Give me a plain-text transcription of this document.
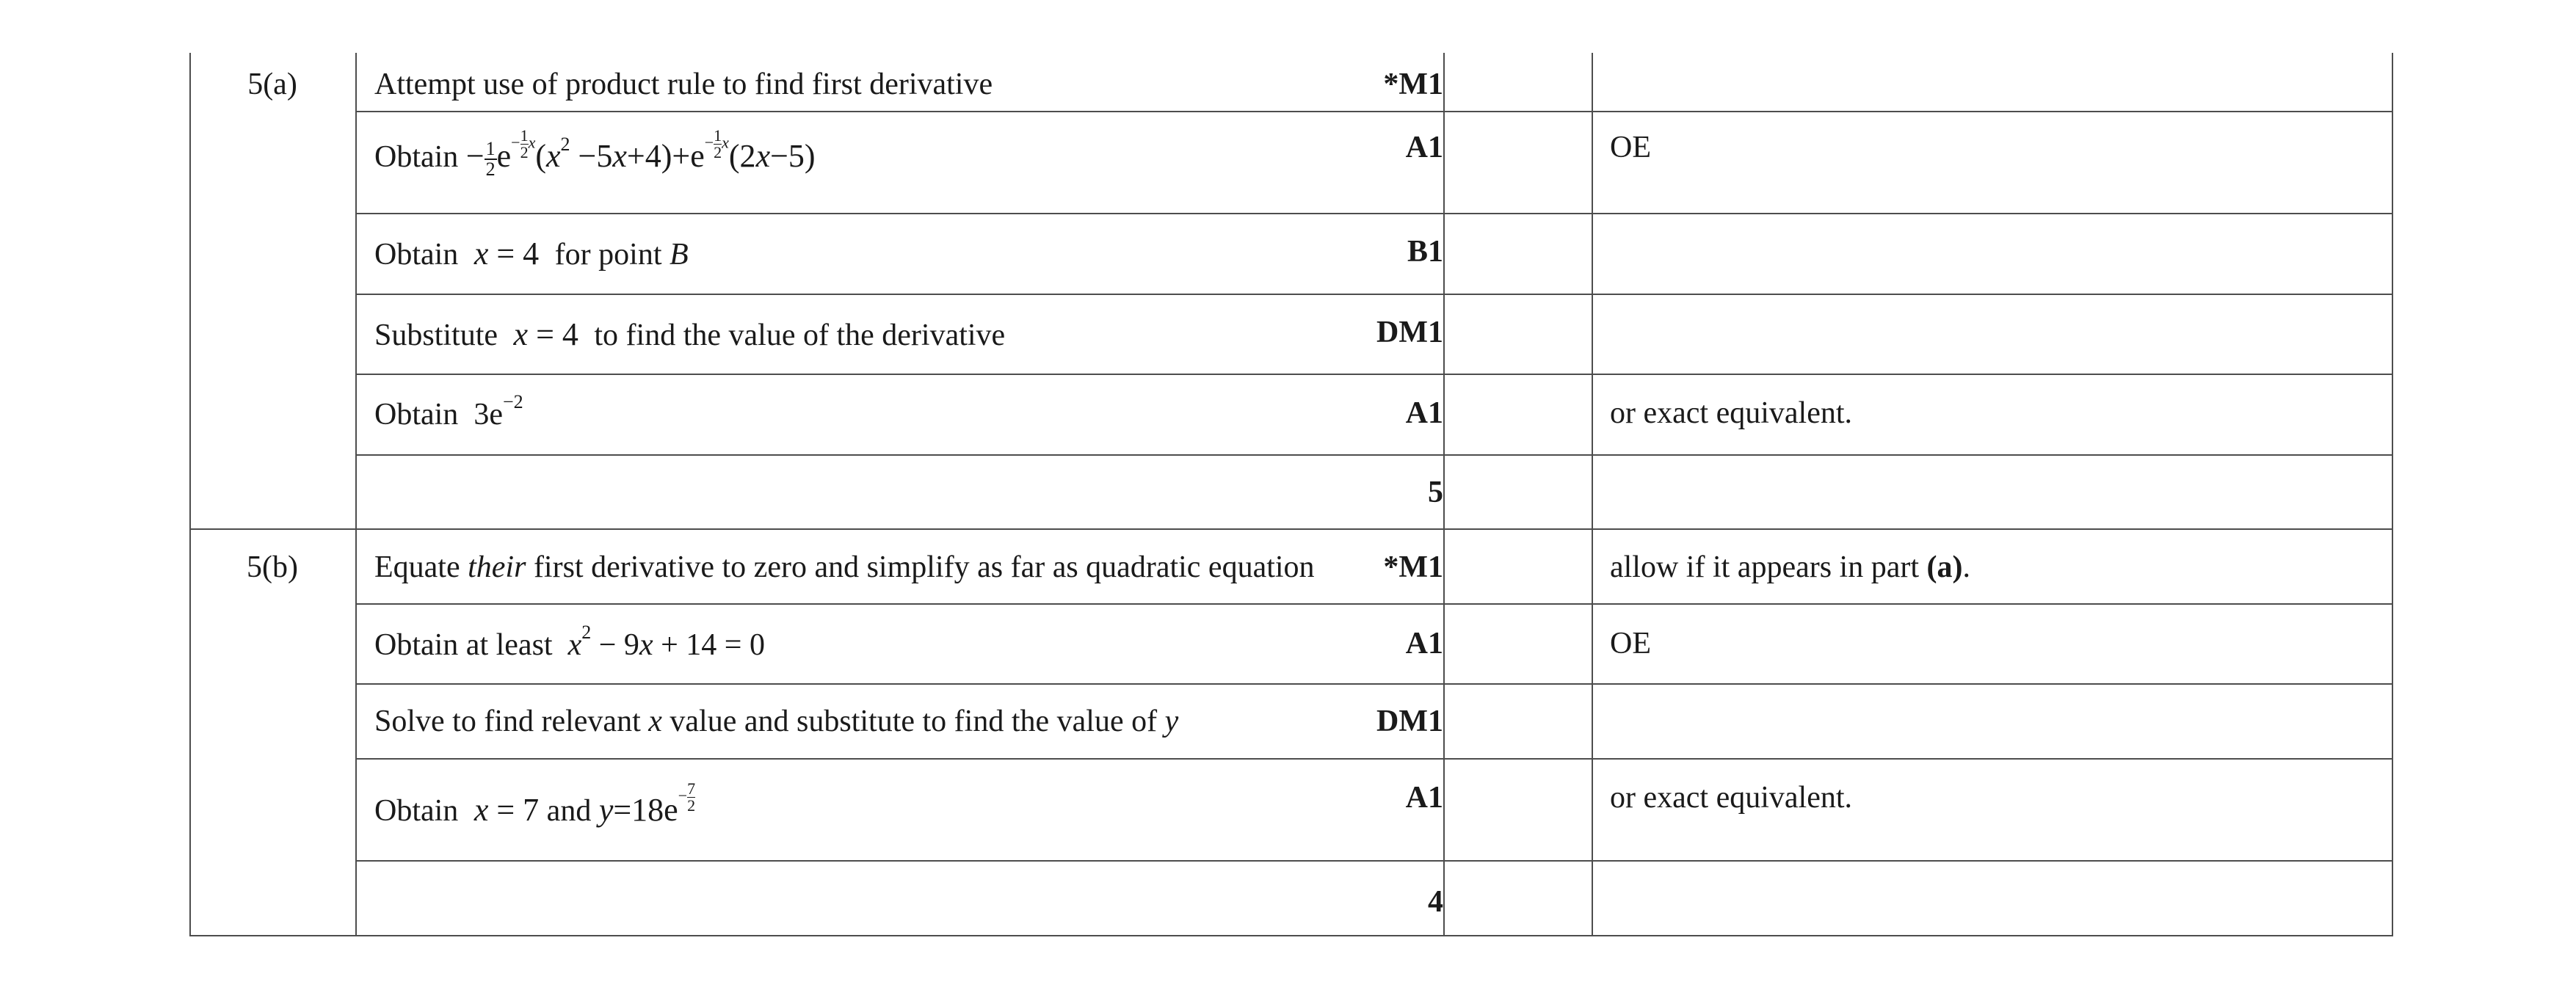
5(a)	Attempt use of product rule to find first derivative	*M1
Obtain − $\frac{1}{2} e- \frac{1}{2} x(x^2 -5x+4)+e- \frac{1}{2} x(2x-5)$	A1	OE
Obtain x = 4  for point B	B1
Substitute x = 4  to find the value of the derivative	DM1
Obtain  $3e^{-2}$	A1	or exact equivalent.
5
5(b)	Equate their first derivative to zero and simplify as far as quadratic equation	*M1	allow if it appears in part (a).
Obtain at least $x^2 - 9x + 14 = 0$	A1	OE
Solve to find relevant x value and substitute to find the value of y	DM1
Obtain x = 7 and $y=18e- \frac{7}{2}$	A1	or exact equivalent.
4
